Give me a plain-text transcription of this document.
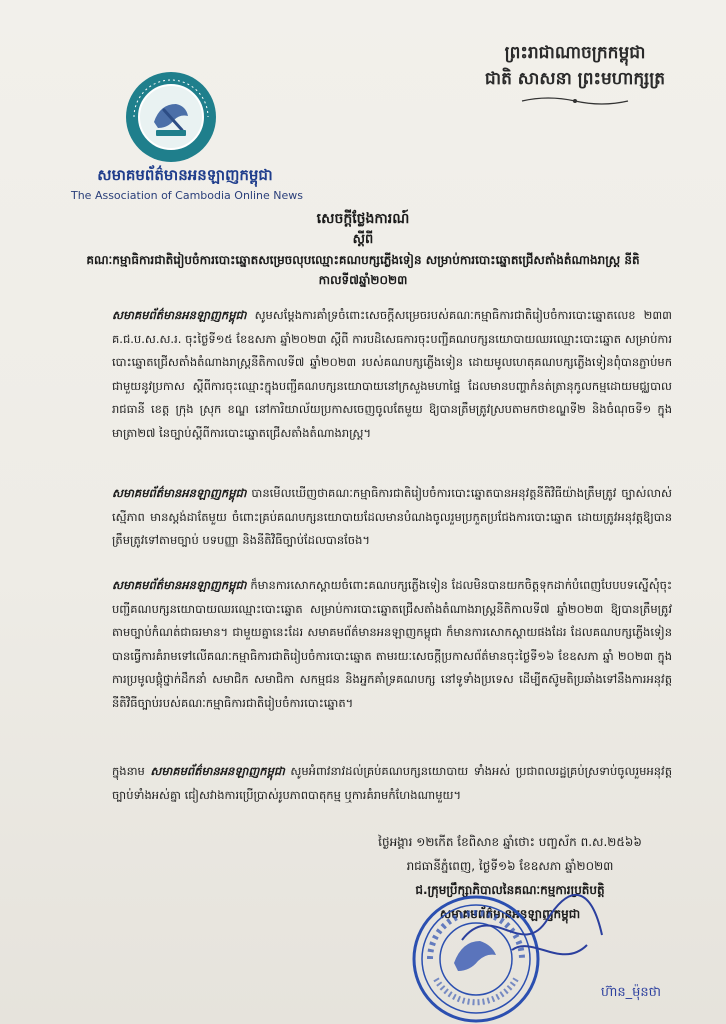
ព្រះរាជាណាចក្រកម្ពុជា
ជាតិ សាសនា ព្រះមហាក្សត្រ
សមាគមព័ត៌មានអនឡាញកម្ពុជា
The Association of Cambodia Online News
សេចក្តីថ្លែងការណ៍
ស្តីពី
គណៈកម្មាធិការជាតិរៀបចំការបោះឆ្នោតសម្រេចលុបឈ្មោះគណបក្សភ្លើងទៀន សម្រាប់ការបោះឆ្នោតជ្រើសតាំងតំណាងរាស្ត្រ នីតិកាលទី៧ឆ្នាំ២០២៣
សមាគមព័ត៌មានអនឡាញកម្ពុជា សូមសម្តែងការគាំទ្រចំពោះសេចក្តីសម្រេចរបស់គណៈកម្មាធិការជាតិរៀបចំការបោះឆ្នោតលេខ ២៣៣ គ.ជ.ប.ស.ស.រ. ចុះថ្ងៃទី១៥ ខែឧសភា ឆ្នាំ២០២៣ ស្តីពី ការបដិសេធការចុះបញ្ជីគណបក្សនយោបាយឈរឈ្មោះបោះឆ្នោត សម្រាប់ការបោះឆ្នោតជ្រើសតាំងតំណាងរាស្ត្រនីតិកាលទី៧ ឆ្នាំ២០២៣ របស់គណបក្សភ្លើងទៀន ដោយមូលហេតុគណបក្សភ្លើងទៀនពុំបានភ្ជាប់មកជាមួយនូវប្រកាស ស្តីពីការចុះឈ្មោះក្នុងបញ្ជីគណបក្សនយោបាយនៅក្រសួងមហាផ្ទៃ ដែលមានបញ្ហាកំនត់ត្រានុកូលកម្មដោយមជ្ឈបាលរាជធានី ខេត្ត ក្រុង ស្រុក ខណ្ឌ នៅការិយាល័យប្រកាសចេញចូលតែមួយ ឱ្យបានត្រឹមត្រូវស្របតាមកថាខណ្ឌទី២ និងចំណុចទី១ ក្នុងមាត្រា២៧ នៃច្បាប់ស្តីពីការបោះឆ្នោតជ្រើសតាំងតំណាងរាស្ត្រ។
សមាគមព័ត៌មានអនឡាញកម្ពុជា បានមើលឃើញថាគណៈកម្មាធិការជាតិរៀបចំការបោះឆ្នោតបានអនុវត្តនីតិវិធីយ៉ាងត្រឹមត្រូវ ច្បាស់លាស់ ស្មើភាព មានស្តង់ដាតែមួយ ចំពោះគ្រប់គណបក្សនយោបាយដែលមានបំណងចូលរួមប្រកួតប្រជែងការបោះឆ្នោត ដោយត្រូវអនុវត្តឱ្យបានត្រឹមត្រូវទៅតាមច្បាប់ បទបញ្ញា និងនីតិវិធីច្បាប់ដែលបានចែង។
សមាគមព័ត៌មានអនឡាញកម្ពុជា ក៏មានការសោកស្តាយចំពោះគណបក្សភ្លើងទៀន ដែលមិនបានយកចិត្តទុកដាក់បំពេញបែបបទស្នើសុំចុះបញ្ជីគណបក្សនយោបាយឈរឈ្មោះបោះឆ្នោត សម្រាប់ការបោះឆ្នោតជ្រើសតាំងតំណាងរាស្ត្រនីតិកាលទី៧ ឆ្នាំ២០២៣ ឱ្យបានត្រឹមត្រូវតាមច្បាប់កំណត់ជាធរមាន។ ជាមួយគ្នានេះដែរ សមាគមព័ត៌មានអនឡាញកម្ពុជា ក៏មានការសោកស្តាយផងដែរ ដែលគណបក្សភ្លើងទៀន បានធ្វើការគំរាមទៅលើគណៈកម្មាធិការជាតិរៀបចំការបោះឆ្នោត តាមរយៈសេចក្តីប្រកាសព័ត៌មានចុះថ្ងៃទី១៦ ខែឧសភា ឆ្នាំ ២០២៣ ក្នុងការប្រមូលផ្តុំថ្នាក់ដឹកនាំ សមាជិក សមាជិកា សកម្មជន និងអ្នកគាំទ្រគណបក្ស នៅទូទាំងប្រទេស ដើម្បីតស៊ូមតិប្រឆាំងទៅនឹងការអនុវត្តនីតិវិធីច្បាប់របស់គណៈកម្មាធិការជាតិរៀបចំការបោះឆ្នោត។
ក្នុងនាម សមាគមព័ត៌មានអនឡាញកម្ពុជា សូមអំពាវនាវដល់គ្រប់គណបក្សនយោបាយ ទាំងអស់ ប្រជាពលរដ្ឋគ្រប់ស្រទាប់ចូលរួមអនុវត្តច្បាប់ទាំងអស់គ្នា ជៀសវាងការប្រើប្រាស់រូបភាពបាតុកម្ម ឬការគំរាមកំហែងណាមួយ។
ថ្ងៃអង្គារ ១២កើត ខែពិសាខ ឆ្នាំថោះ បញ្ចស័ក ព.ស.២៥៦៦
រាជធានីភ្នំពេញ, ថ្ងៃទី១៦ ខែឧសភា ឆ្នាំ២០២៣
ជ.ក្រុមប្រឹក្សាភិបាលនៃគណៈកម្មការប្រតិបត្តិ
សមាគមព័ត៌មានអនឡាញកម្ពុជា
ហ៊ាន_ម៉ុនថា
